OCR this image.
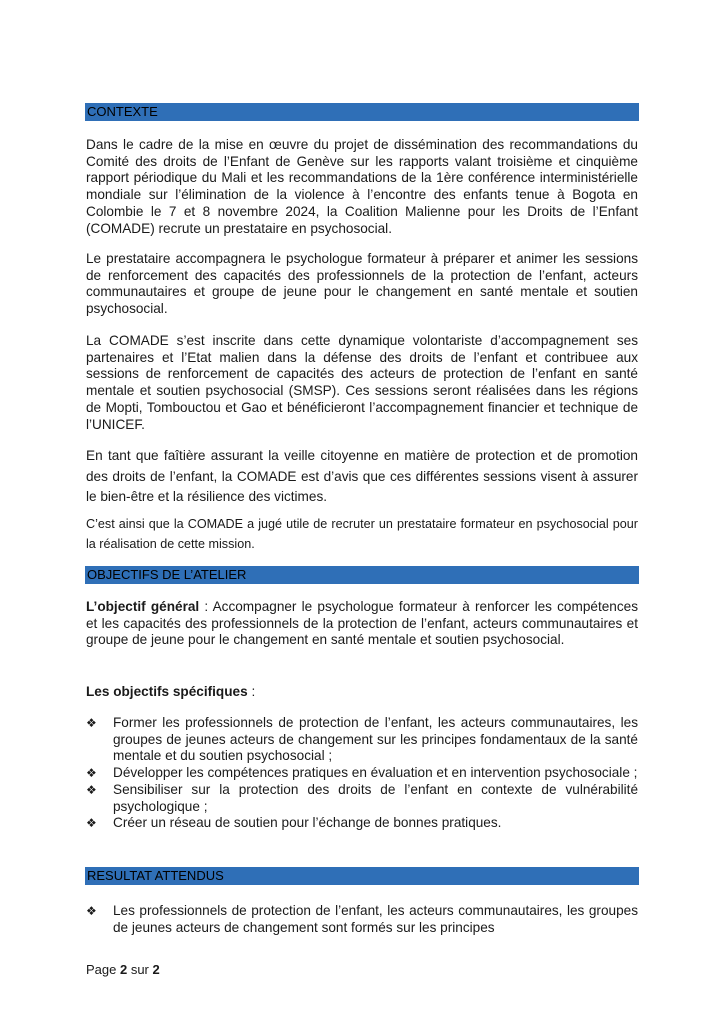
CONTEXTE

Dans le cadre de la mise en œuvre du projet de dissémination des recommandations du Comité des droits de l’Enfant de Genève sur les rapports valant troisième et cinquième rapport périodique du Mali et les recommandations de la 1ère conférence interministérielle mondiale sur l’élimination de la violence à l’encontre des enfants tenue à Bogota en Colombie le 7 et 8 novembre 2024, la Coalition Malienne pour les Droits de l’Enfant (COMADE) recrute un prestataire en psychosocial.

Le prestataire accompagnera le psychologue formateur à préparer et animer les sessions de renforcement des capacités des professionnels de la protection de l’enfant, acteurs communautaires et groupe de jeune pour le changement en santé mentale et soutien psychosocial.

La COMADE s’est inscrite dans cette dynamique volontariste d’accompagnement ses partenaires et l’Etat malien dans la défense des droits de l’enfant et contribuee aux sessions de renforcement de capacités des acteurs de protection de l’enfant en santé mentale et soutien psychosocial (SMSP). Ces sessions seront réalisées dans les régions de Mopti, Tombouctou et Gao et bénéficieront l’accompagnement financier et technique de l’UNICEF.

En tant que faîtière assurant la veille citoyenne en matière de protection et de promotion des droits de l’enfant, la COMADE est d’avis que ces différentes sessions visent à assurer le bien-être et la résilience des victimes.

C’est ainsi que la COMADE a jugé utile de recruter un prestataire formateur en psychosocial pour la réalisation de cette mission.

OBJECTIFS DE L’ATELIER

L’objectif général : Accompagner le psychologue formateur à renforcer les compétences et les capacités des professionnels de la protection de l’enfant, acteurs communautaires et groupe de jeune pour le changement en santé mentale et soutien psychosocial.

Les objectifs spécifiques :

❖ Former les professionnels de protection de l’enfant, les acteurs communautaires, les groupes de jeunes acteurs de changement sur les principes fondamentaux de la santé mentale et du soutien psychosocial ;
❖ Développer les compétences pratiques en évaluation et en intervention psychosociale ;
❖ Sensibiliser sur la protection des droits de l’enfant en contexte de vulnérabilité psychologique ;
❖ Créer un réseau de soutien pour l’échange de bonnes pratiques.
RESULTAT ATTENDUS
❖ Les professionnels de protection de l’enfant, les acteurs communautaires, les groupes de jeunes acteurs de changement sont formés sur les principes
Page 2 sur 2
